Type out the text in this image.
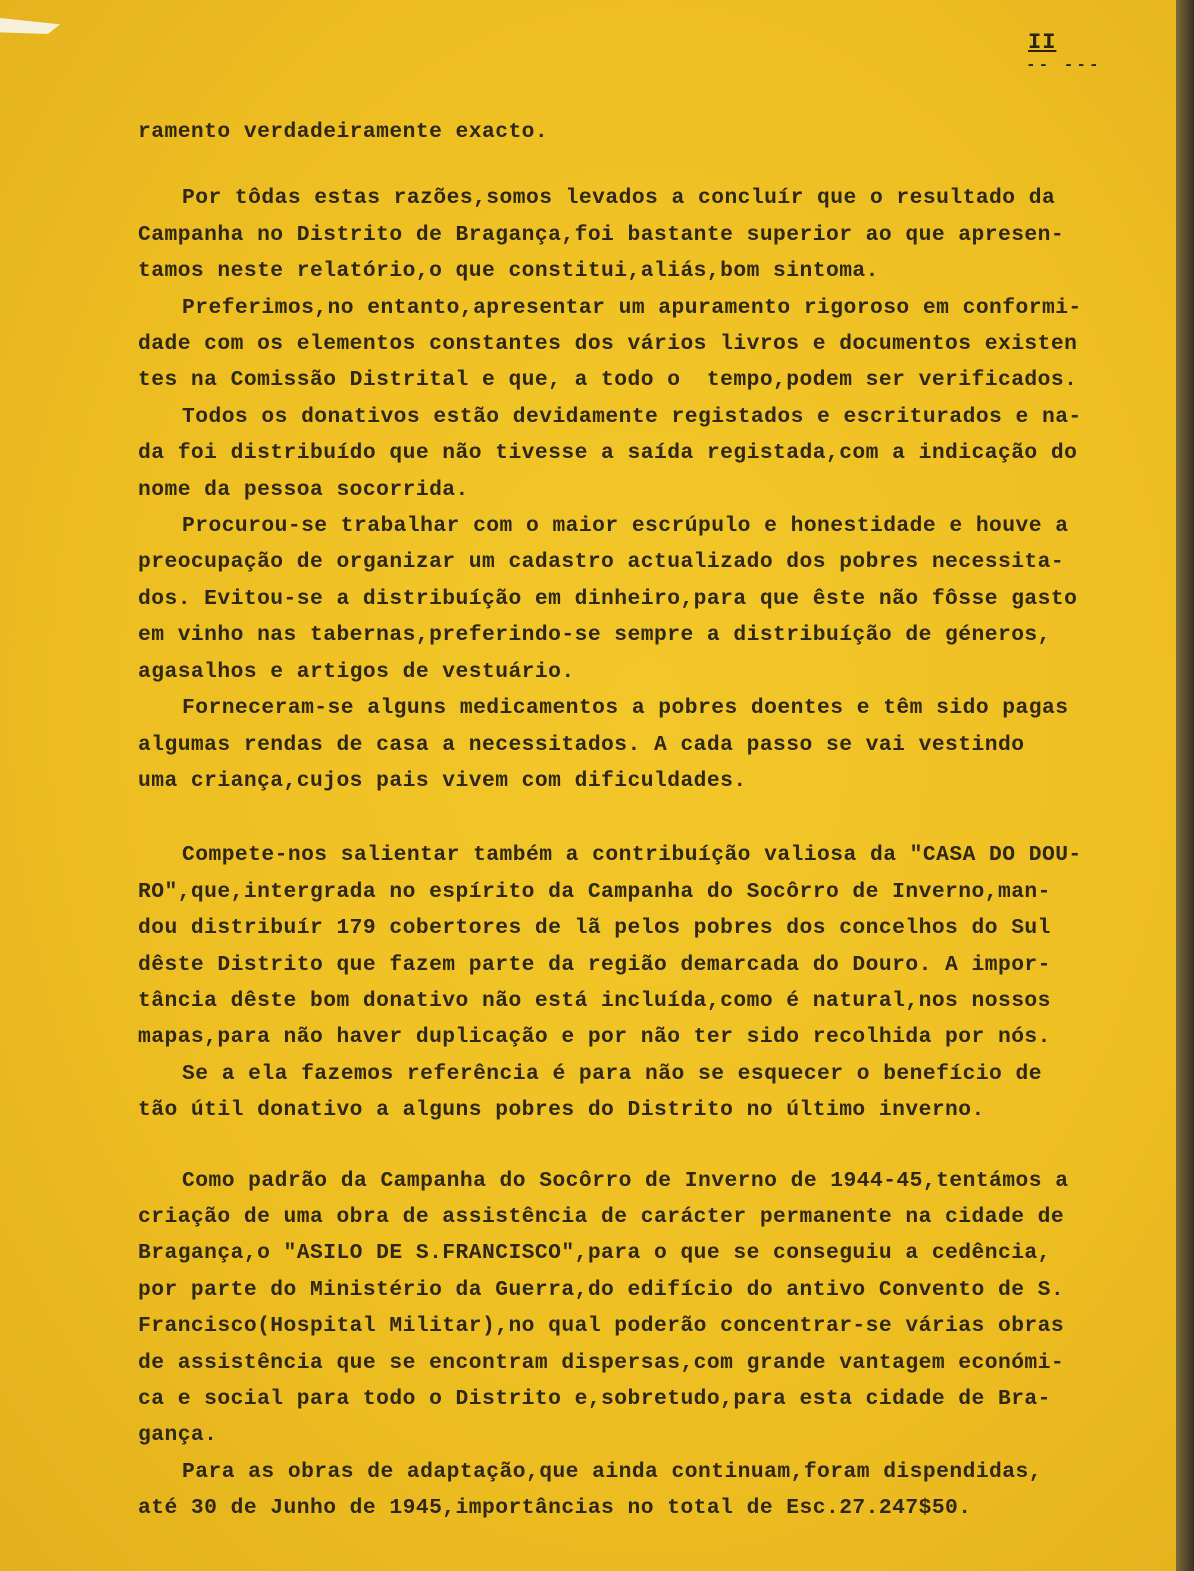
II
-- ---

ramento verdadeiramente exacto.

Por tôdas estas razões,somos levados a concluír que o resultado da
Campanha no Distrito de Bragança,foi bastante superior ao que apresen-
tamos neste relatório,o que constitui,aliás,bom sintoma.

Preferimos,no entanto,apresentar um apuramento rigoroso em conformi-
dade com os elementos constantes dos vários livros e documentos existen
tes na Comissão Distrital e que, a todo o  tempo,podem ser verificados.

Todos os donativos estão devidamente registados e escriturados e na-
da foi distribuído que não tivesse a saída registada,com a indicação do
nome da pessoa socorrida.

Procurou-se trabalhar com o maior escrúpulo e honestidade e houve a
preocupação de organizar um cadastro actualizado dos pobres necessita-
dos. Evitou-se a distribuíção em dinheiro,para que êste não fôsse gasto
em vinho nas tabernas,preferindo-se sempre a distribuíção de géneros,
agasalhos e artigos de vestuário.

Forneceram-se alguns medicamentos a pobres doentes e têm sido pagas
algumas rendas de casa a necessitados. A cada passo se vai vestindo
uma criança,cujos pais vivem com dificuldades.

Compete-nos salientar também a contribuíção valiosa da "CASA DO DOU-
RO",que,intergrada no espírito da Campanha do Socôrro de Inverno,man-
dou distribuír 179 cobertores de lã pelos pobres dos concelhos do Sul
dêste Distrito que fazem parte da região demarcada do Douro. A impor-
tância dêste bom donativo não está incluída,como é natural,nos nossos
mapas,para não haver duplicação e por não ter sido recolhida por nós.

Se a ela fazemos referência é para não se esquecer o benefício de
tão útil donativo a alguns pobres do Distrito no último inverno.

Como padrão da Campanha do Socôrro de Inverno de 1944-45,tentámos a
criação de uma obra de assistência de carácter permanente na cidade de
Bragança,o "ASILO DE S.FRANCISCO",para o que se conseguiu a cedência,
por parte do Ministério da Guerra,do edifício do antivo Convento de S.
Francisco(Hospital Militar),no qual poderão concentrar-se várias obras
de assistência que se encontram dispersas,com grande vantagem económi-
ca e social para todo o Distrito e,sobretudo,para esta cidade de Bra-
gança.

Para as obras de adaptação,que ainda continuam,foram dispendidas,
até 30 de Junho de 1945,importâncias no total de Esc.27.247$50.
